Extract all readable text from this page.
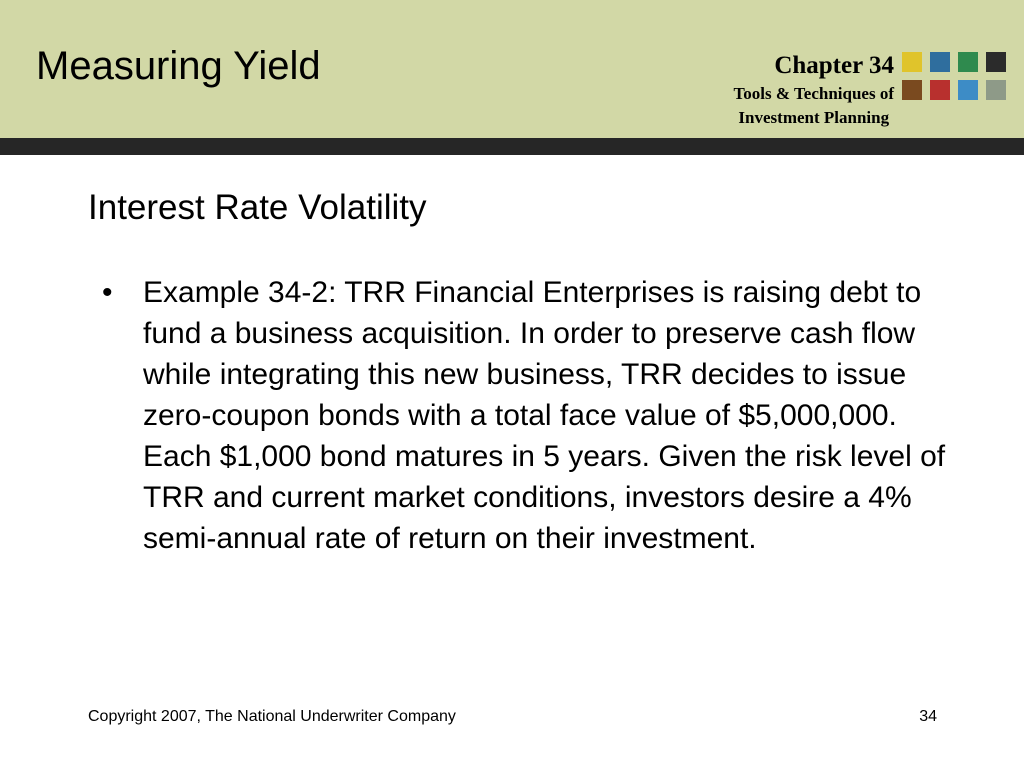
Measuring Yield	Chapter 34
Tools & Techniques of
Investment Planning
Interest Rate Volatility
• Example 34-2: TRR Financial Enterprises is raising debt to fund a business acquisition. In order to preserve cash flow while integrating this new business, TRR decides to issue zero-coupon bonds with a total face value of $5,000,000. Each $1,000 bond matures in 5 years. Given the risk level of TRR and current market conditions, investors desire a 4% semi-annual rate of return on their investment.
Copyright 2007, The National Underwriter Company	34
